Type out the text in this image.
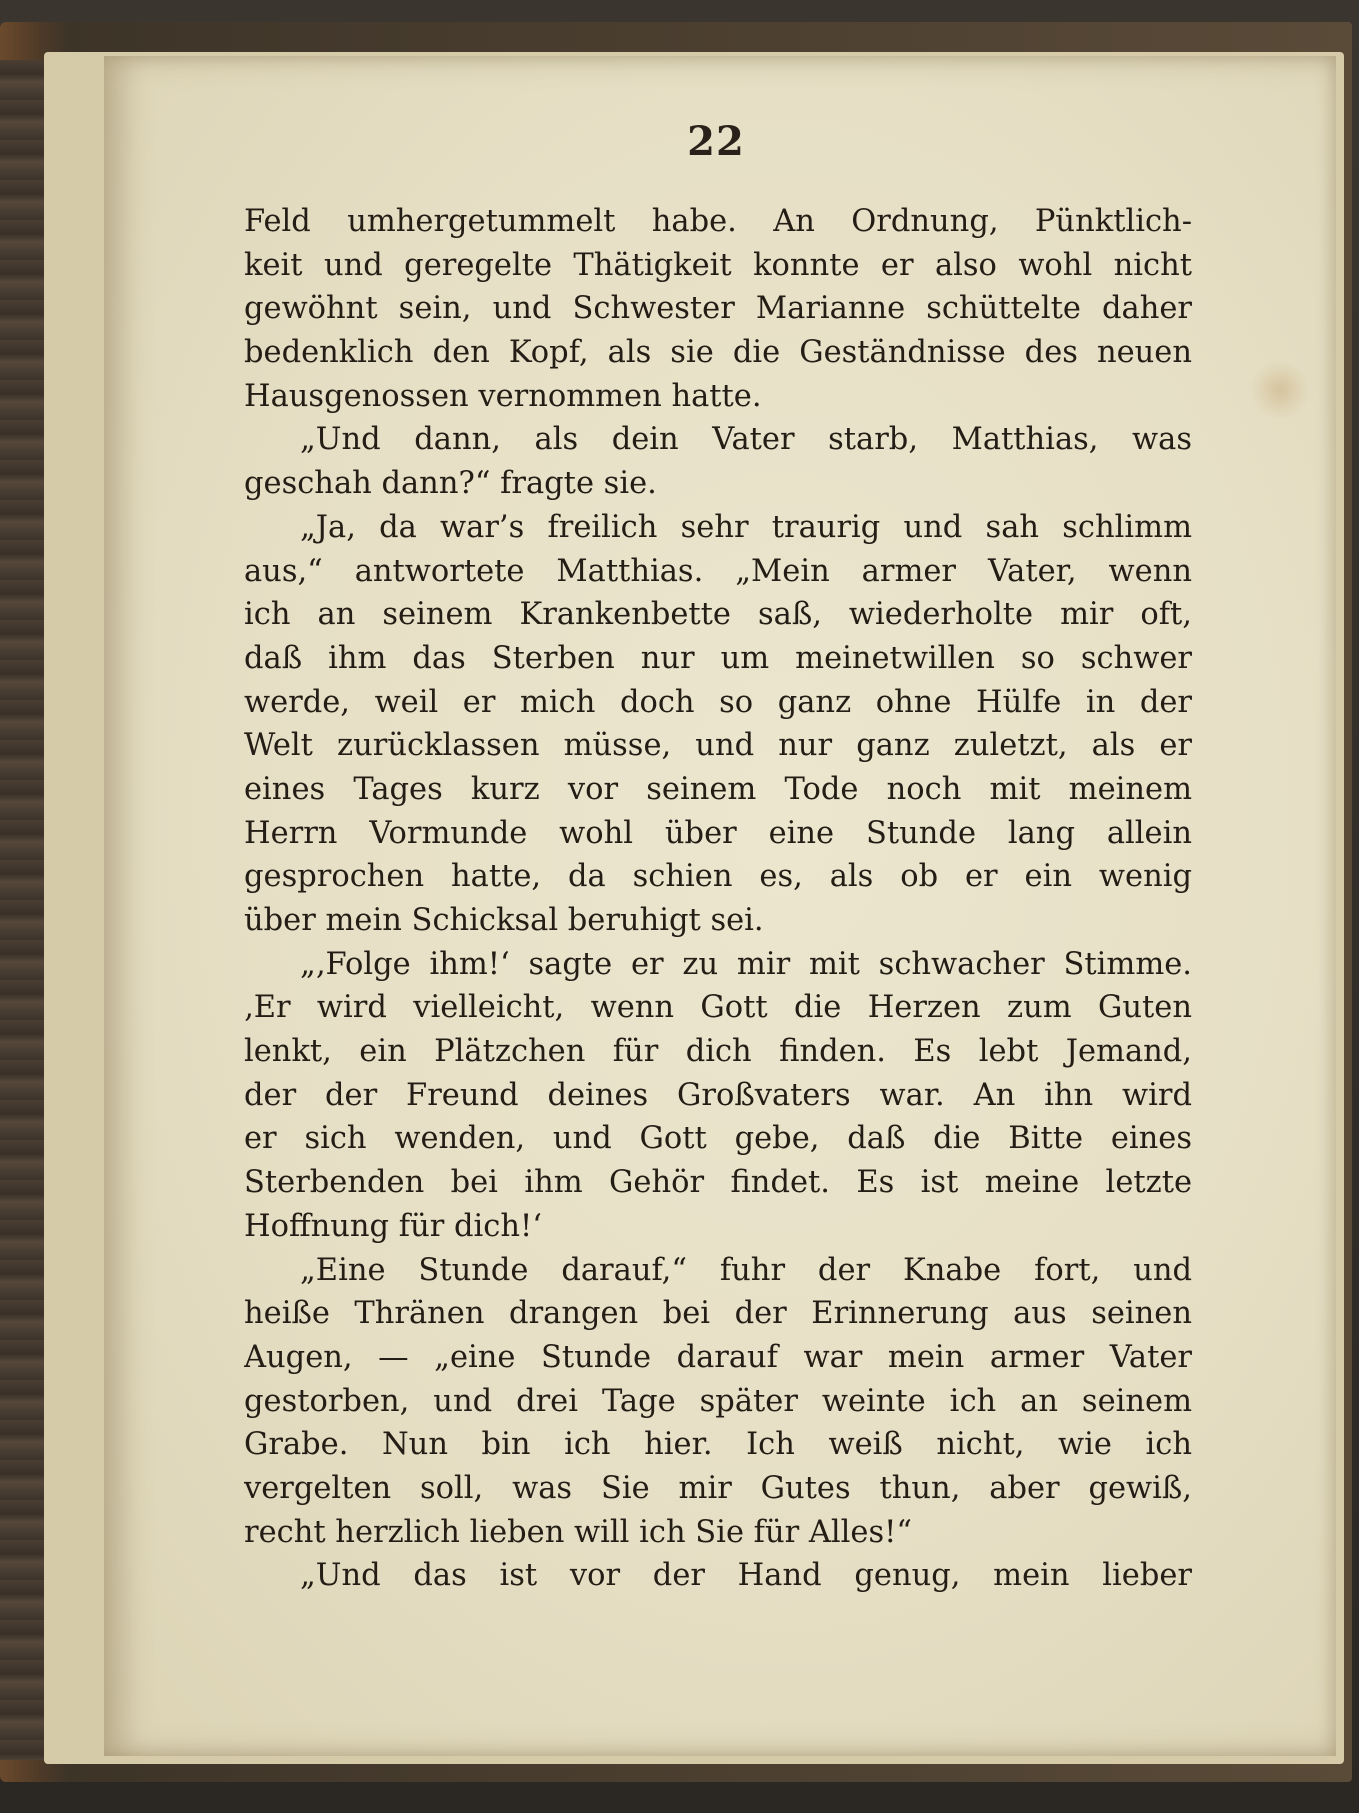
22
Feld umhergetummelt habe. An Ordnung, Pünktlich-
keit und geregelte Thätigkeit konnte er also wohl nicht
gewöhnt sein, und Schwester Marianne schüttelte daher
bedenklich den Kopf, als sie die Geständnisse des neuen
Hausgenossen vernommen hatte.
„Und dann, als dein Vater starb, Matthias, was
geschah dann?“ fragte sie.
„Ja, da war’s freilich sehr traurig und sah schlimm
aus,“ antwortete Matthias. „Mein armer Vater, wenn
ich an seinem Krankenbette saß, wiederholte mir oft,
daß ihm das Sterben nur um meinetwillen so schwer
werde, weil er mich doch so ganz ohne Hülfe in der
Welt zurücklassen müsse, und nur ganz zuletzt, als er
eines Tages kurz vor seinem Tode noch mit meinem
Herrn Vormunde wohl über eine Stunde lang allein
gesprochen hatte, da schien es, als ob er ein wenig
über mein Schicksal beruhigt sei.
„‚Folge ihm!‘ sagte er zu mir mit schwacher Stimme.
‚Er wird vielleicht, wenn Gott die Herzen zum Guten
lenkt, ein Plätzchen für dich finden. Es lebt Jemand,
der der Freund deines Großvaters war. An ihn wird
er sich wenden, und Gott gebe, daß die Bitte eines
Sterbenden bei ihm Gehör findet. Es ist meine letzte
Hoffnung für dich!‘
„Eine Stunde darauf,“ fuhr der Knabe fort, und
heiße Thränen drangen bei der Erinnerung aus seinen
Augen, — „eine Stunde darauf war mein armer Vater
gestorben, und drei Tage später weinte ich an seinem
Grabe. Nun bin ich hier. Ich weiß nicht, wie ich
vergelten soll, was Sie mir Gutes thun, aber gewiß,
recht herzlich lieben will ich Sie für Alles!“
„Und das ist vor der Hand genug, mein lieber
